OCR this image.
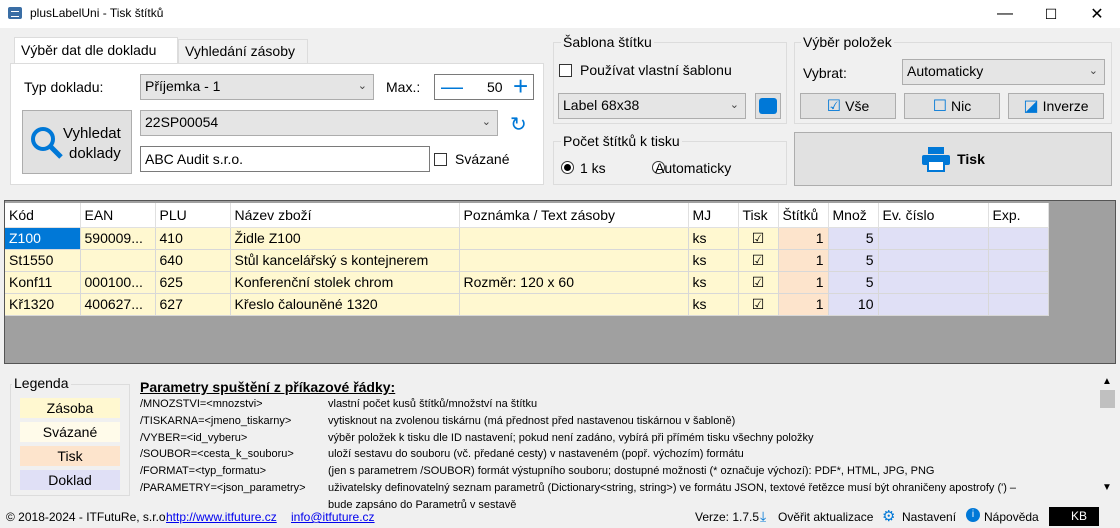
plusLabelUni - Tisk štítků	—	☐	✕
Výběr dat dle dokladu	Vyhledání zásoby
Typ dokladu:	Příjemka - 1	⌄ Max.: — 50 +
Vyhledat
doklady
22SP00054	⌄ ↻
ABC Audit s.r.o.	Svázané
Šablona štítku
Používat vlastní šablonu
Label 68x38	⌄
Počet štítků k tisku

1 ks	Automaticky
Výběr položek
Vybrat:	Automaticky	⌄
☑ Vše	☐ Nic	◪ Inverze
Tisk
Kód	EAN	PLU	Název zboží	Poznámka / Text zásoby	MJ	Tisk	Štítků	Množ	Ev. číslo	Exp.
Z100	590009...	410	Židle Z100		ks	☑	1	5		
St1550		640	Stůl kancelářský s kontejnerem		ks	☑	1	5		
Konf11	000100...	625	Konferenční stolek chrom	Rozměr: 120 x 60	ks	☑	1	5		
Kř1320	400627...	627	Křeslo čalouněné 1320		ks	☑	1	10		
Legenda
Zásoba
Svázané
Tisk
Doklad
Parametry spuštění z příkazové řádky:
/MNOZSTVI=<mnozstvi>	vlastní počet kusů štítků/množství na štítku
/TISKARNA=<jmeno_tiskarny>	vytisknout na zvolenou tiskárnu (má přednost před nastavenou tiskárnou v šabloně)
/VYBER=<id_vyberu>	výběr položek k tisku dle ID nastavení; pokud není zadáno, vybírá při přímém tisku všechny položky
/SOUBOR=<cesta_k_souboru>	uloží sestavu do souboru (vč. předané cesty) v nastaveném (popř. výchozím) formátu
/FORMAT=<typ_formatu>	(jen s parametrem /SOUBOR) formát výstupního souboru; dostupné možnosti (* označuje výchozí): PDF*, HTML, JPG, PNG
/PARAMETRY=<json_parametry>	uživatelsky definovatelný seznam parametrů (Dictionary<string, string>) ve formátu JSON, textové řetězce musí být ohraničeny apostrofy (') –
bude zapsáno do Parametrů v sestavě
▲
▼
© 2018-2024 - ITFutuRe, s.r.o.
http://www.itfuture.cz info@itfuture.cz	Verze: 1.7.5 ⤓ Ověřit aktualizace ⚙ Nastavení	i Nápověda	KB
